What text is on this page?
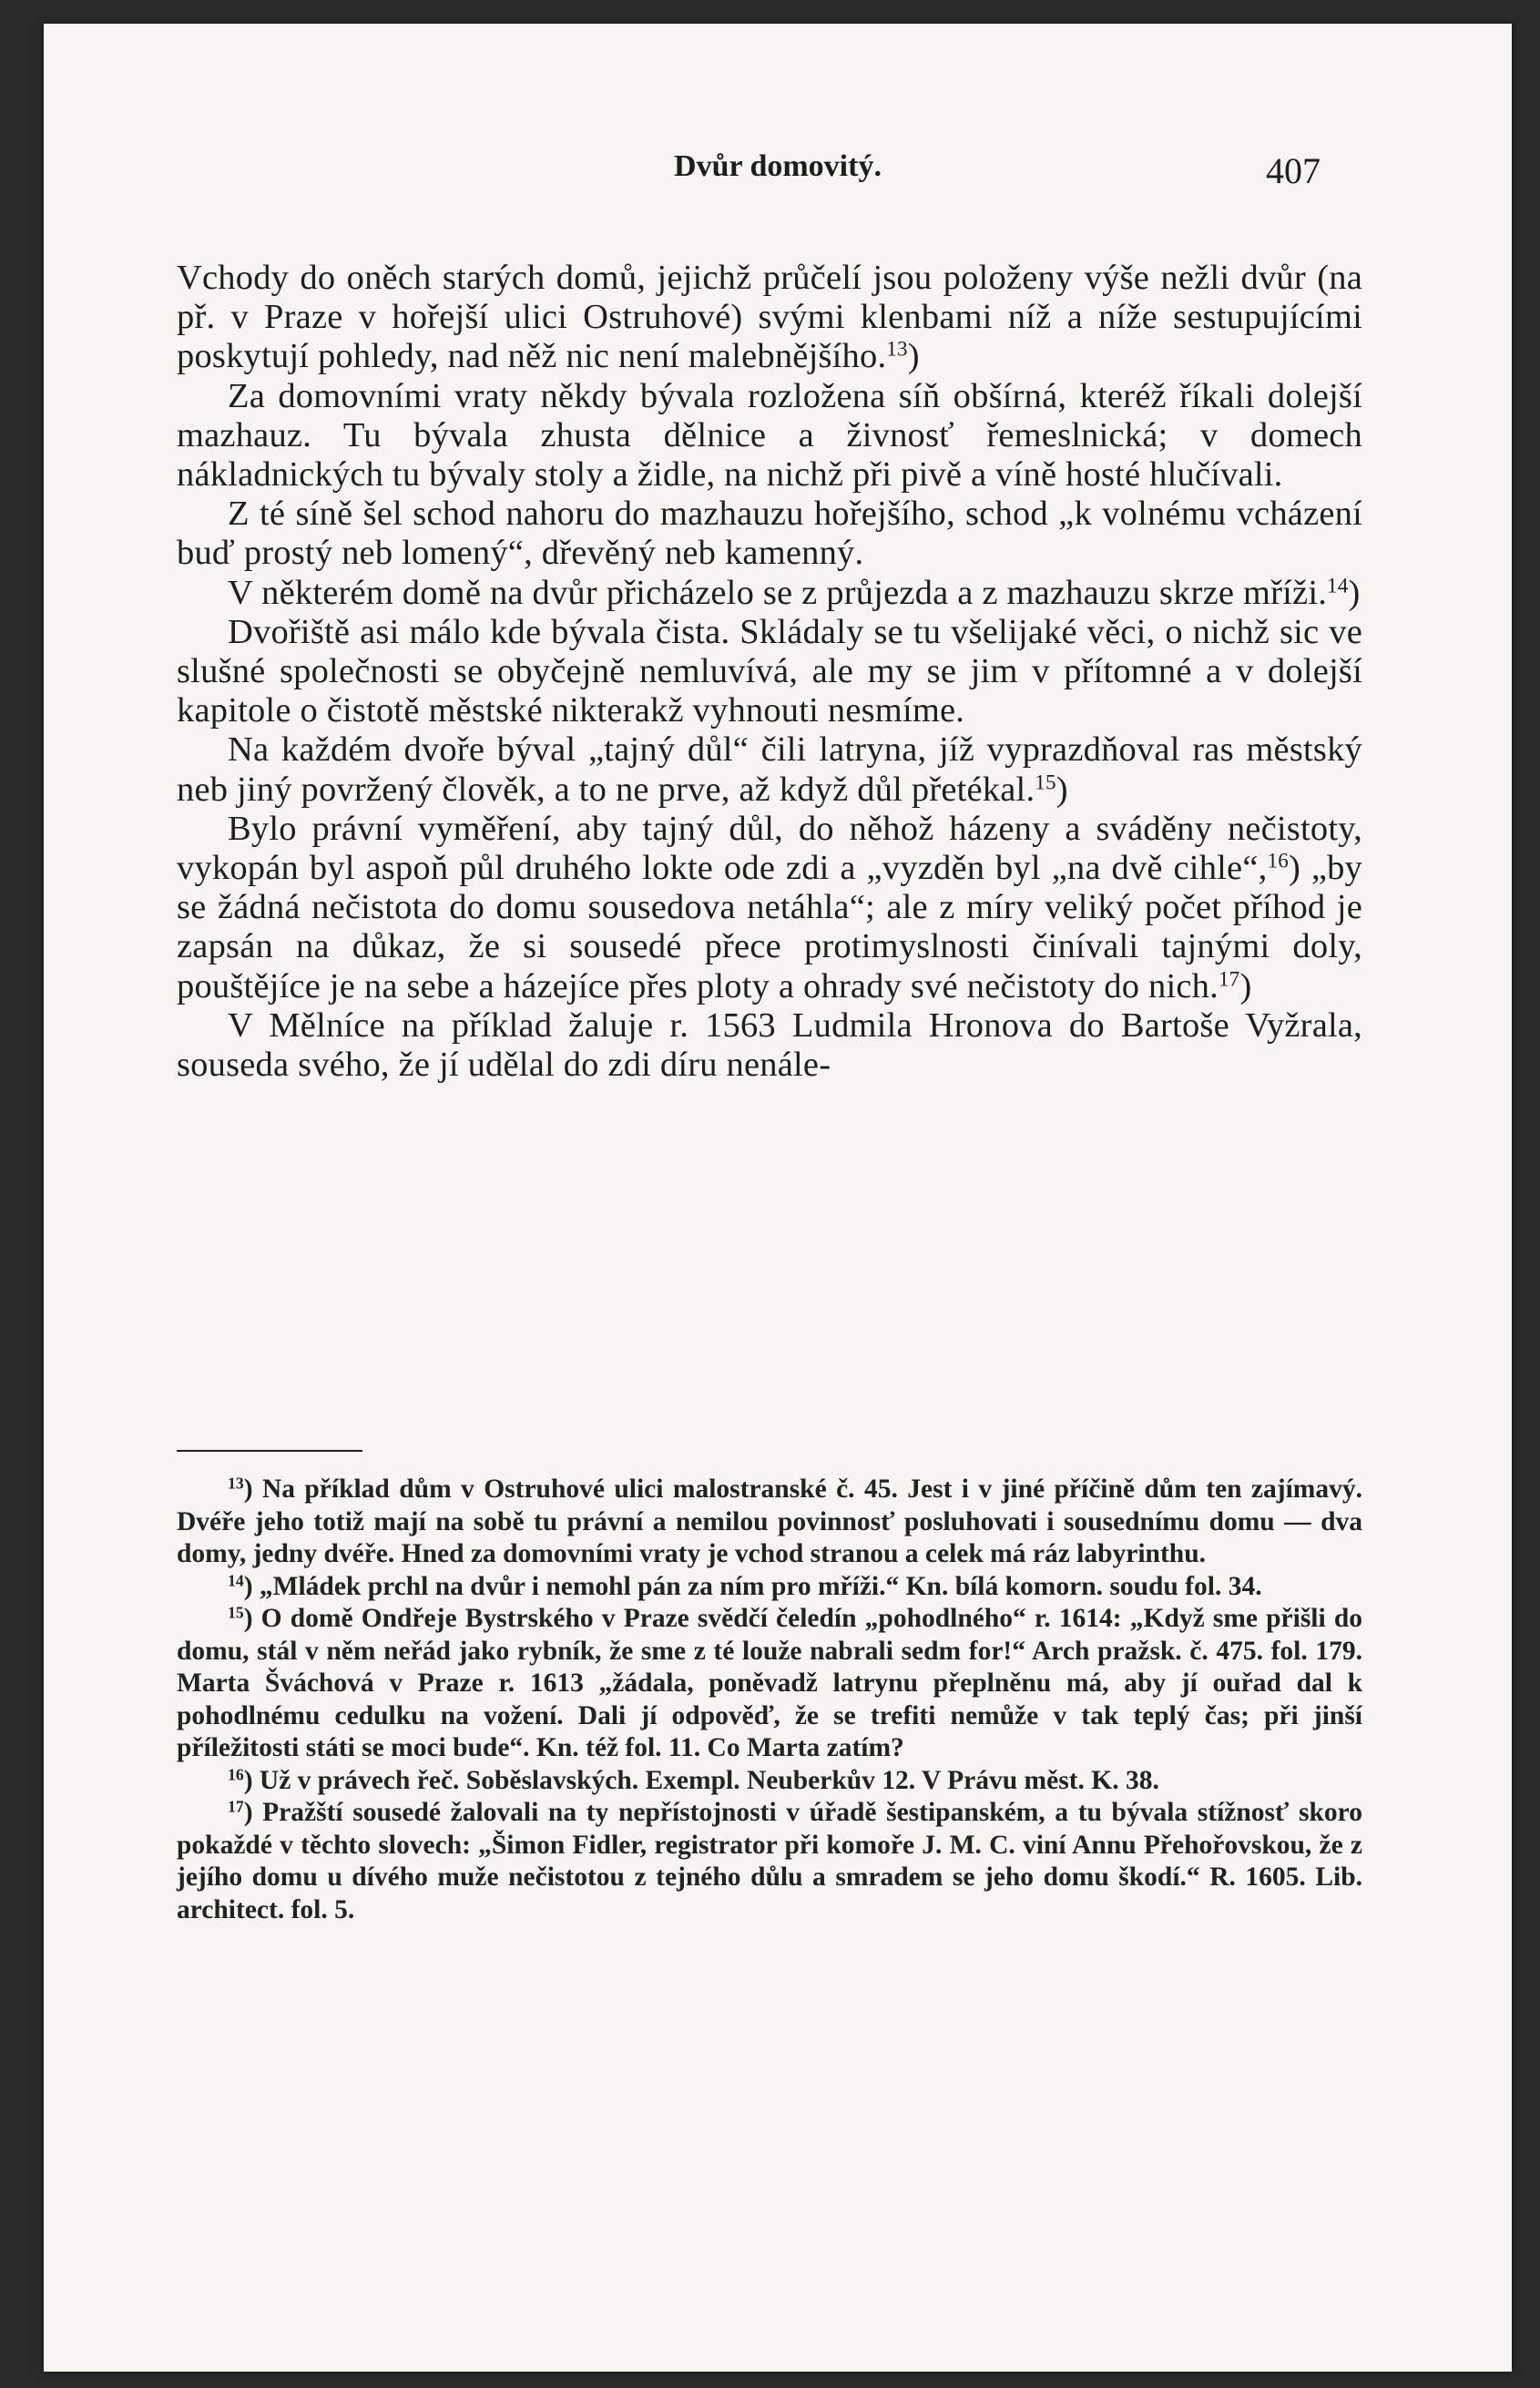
Dvůr domovitý.	407

Vchody do oněch starých domů, jejichž průčelí jsou položeny výše nežli dvůr (na př. v Praze v hořejší ulici Ostruhové) svými klenbami níž a níže sestupujícími poskytují pohledy, nad něž nic není malebnějšího.$^{13}$)

Za domovními vraty někdy bývala rozložena síň obšírná, kteréž říkali dolejší mazhauz. Tu bývala zhusta dělnice a živnosť řemeslnická; v domech nákladnických tu bývaly stoly a židle, na nichž při pivě a víně hosté hlučívali.

Z té síně šel schod nahoru do mazhauzu hořejšího, schod „k volnému vcházení buď prostý neb lomený“, dřevěný neb kamenný.

V některém domě na dvůr přicházelo se z průjezda a z mazhauzu skrze mříži.$^{14}$)

Dvořiště asi málo kde bývala čista. Skládaly se tu všelijaké věci, o nichž sic ve slušné společnosti se obyčejně nemluvívá, ale my se jim v přítomné a v dolejší kapitole o čistotě městské nikterakž vyhnouti nesmíme.

Na každém dvoře býval „tajný důl“ čili latryna, jíž vyprazdňoval ras městský neb jiný povržený člověk, a to ne prve, až když důl přetékal.$^{15}$)

Bylo právní vyměření, aby tajný důl, do něhož házeny a sváděny nečistoty, vykopán byl aspoň půl druhého lokte ode zdi a „vyzděn byl „na dvě cihle“,$^{16}$) „by se žádná nečistota do domu sousedova netáhla“; ale z míry veliký počet příhod je zapsán na důkaz, že si sousedé přece protimyslnosti činívali tajnými doly, pouštějíce je na sebe a házejíce přes ploty a ohrady své nečistoty do nich.$^{17}$)

V Mělníce na příklad žaluje r. 1563 Ludmila Hronova do Bartoše Vyžrala, souseda svého, že jí udělal do zdi díru nenále-

$^{13}$) Na příklad dům v Ostruhové ulici malostranské č. 45. Jest i v jiné příčině dům ten zajímavý. Dvéře jeho totiž mají na sobě tu právní a nemilou povinnosť posluhovati i sousednímu domu — dva domy, jedny dvéře. Hned za domovními vraty je vchod stranou a celek má ráz labyrinthu.

$^{14}$) „Mládek prchl na dvůr i nemohl pán za ním pro mříži.“ Kn. bílá komorn. soudu fol. 34.

$^{15}$) O domě Ondřeje Bystrského v Praze svědčí čeledín „pohodlného“ r. 1614: „Když sme přišli do domu, stál v něm neřád jako rybník, že sme z té louže nabrali sedm for!“ Arch pražsk. č. 475. fol. 179. Marta Šváchová v Praze r. 1613 „žádala, poněvadž latrynu přeplněnu má, aby jí ouřad dal k pohodlnému cedulku na vožení. Dali jí odpověď, že se trefiti nemůže v tak teplý čas; při jinší příležitosti státi se moci bude“. Kn. též fol. 11. Co Marta zatím?

$^{16}$) Už v právech řeč. Soběslavských. Exempl. Neuberkův 12. V Právu měst. K. 38.

$^{17}$) Pražští sousedé žalovali na ty nepřístojnosti v úřadě šestipanském, a tu bývala stížnosť skoro pokaždé v těchto slovech: „Šimon Fidler, registrator při komoře J. M. C. viní Annu Přehořovskou, že z jejího domu u dívého muže nečistotou z tejného důlu a smradem se jeho domu škodí.“ R. 1605. Lib. architect. fol. 5.
